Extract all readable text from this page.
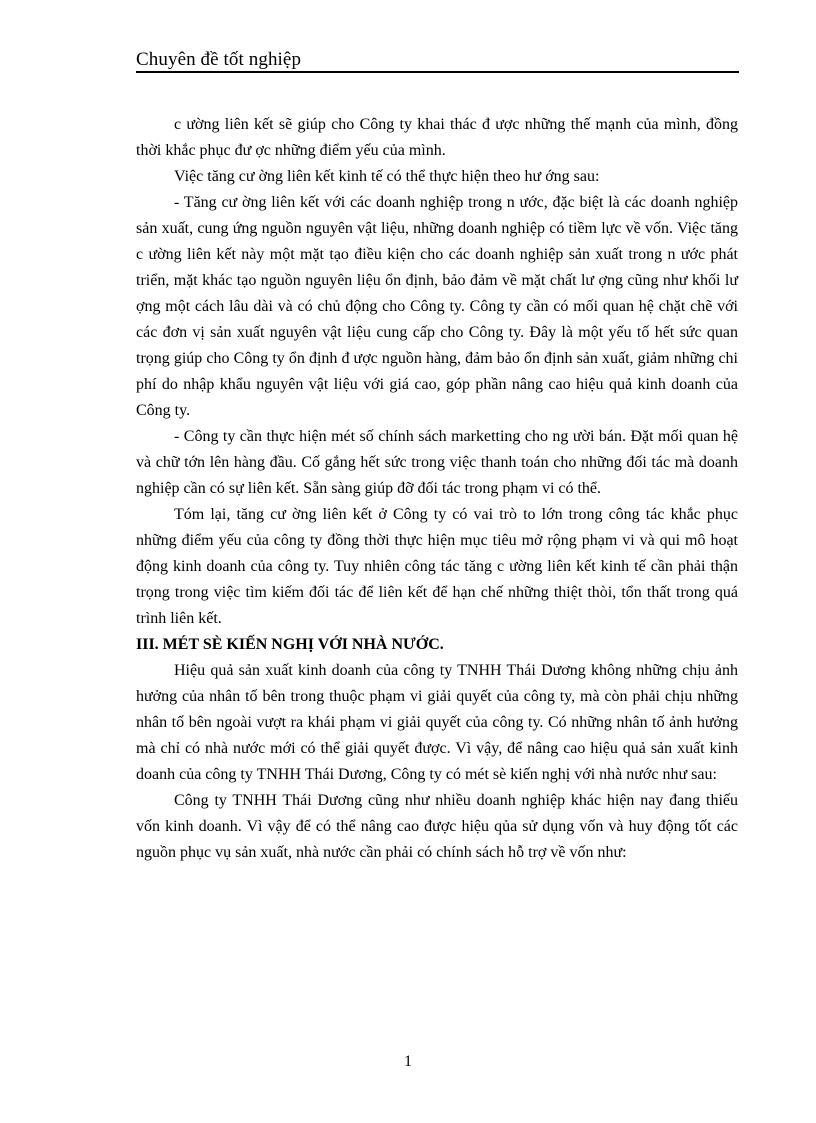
Chuyên đề tốt nghiệp

c ường liên kết sẽ giúp cho Công ty khai thác đ ược những thế mạnh của mình, đồng thời khắc phục đư ợc những điểm yếu của mình.

Việc tăng cư ờng liên kết kinh tế có thể thực hiện theo hư ớng sau:

- Tăng cư ờng liên kết với các doanh nghiệp trong n ước, đặc biệt là các doanh nghiệp sản xuất, cung ứng nguồn nguyên vật liệu, những doanh nghiệp có tiềm lực về vốn. Việc tăng c ường liên kết này một mặt tạo điều kiện cho các doanh nghiệp sản xuất trong n ước phát triển, mặt khác tạo nguồn nguyên liệu ổn định, bảo đảm về mặt chất lư ợng cũng như khối lư ợng một cách lâu dài và có chủ động cho Công ty. Công ty cần có mối quan hệ chặt chẽ với các đơn vị sản xuất nguyên vật liệu cung cấp cho Công ty. Đây là một yếu tố hết sức quan trọng giúp cho Công ty ổn định đ ược nguồn hàng, đảm bảo ổn định sản xuất, giảm những chi phí do nhập khẩu nguyên vật liệu với giá cao, góp phần nâng cao hiệu quả kinh doanh của Công ty.

- Công ty cần thực hiện mét số chính sách marketting cho ng ười bán. Đặt mối quan hệ và chữ tớn lên hàng đầu. Cố gắng hết sức trong việc thanh toán cho những đối tác mà doanh nghiệp cần có sự liên kết. Sẵn sàng giúp đỡ đối tác trong phạm vi có thể.

Tóm lại, tăng cư ờng liên kết ở Công ty có vai trò to lớn trong công tác khắc phục những điểm yếu của công ty đồng thời thực hiện mục tiêu mở rộng phạm vi và qui mô hoạt động kinh doanh của công ty. Tuy nhiên công tác tăng c ường liên kết kinh tế cần phải thận trọng trong việc tìm kiếm đối tác để liên kết để hạn chế những thiệt thòi, tổn thất trong quá trình liên kết.

III. MÉT SÈ KIẾN NGHỊ VỚI NHÀ NƯỚC.

Hiệu quả sản xuất kinh doanh của công ty TNHH Thái Dương không những chịu ảnh hưởng của nhân tố bên trong thuộc phạm vi giải quyết của công ty, mà còn phải chịu những nhân tố bên ngoài vượt ra khái phạm vi giải quyết của công ty. Có những nhân tố ảnh hưởng mà chỉ có nhà nước mới có thể giải quyết được. Vì vậy, để nâng cao hiệu quả sản xuất kinh doanh của công ty TNHH Thái Dương, Công ty có mét sè kiến nghị với nhà nước như sau:

Công ty TNHH Thái Dương cũng như nhiều doanh nghiệp khác hiện nay đang thiếu vốn kinh doanh. Vì vậy để có thể nâng cao được hiệu qủa sử dụng vốn và huy động tốt các nguồn phục vụ sản xuất, nhà nước cần phải có chính sách hỗ trợ về vốn như:

1
